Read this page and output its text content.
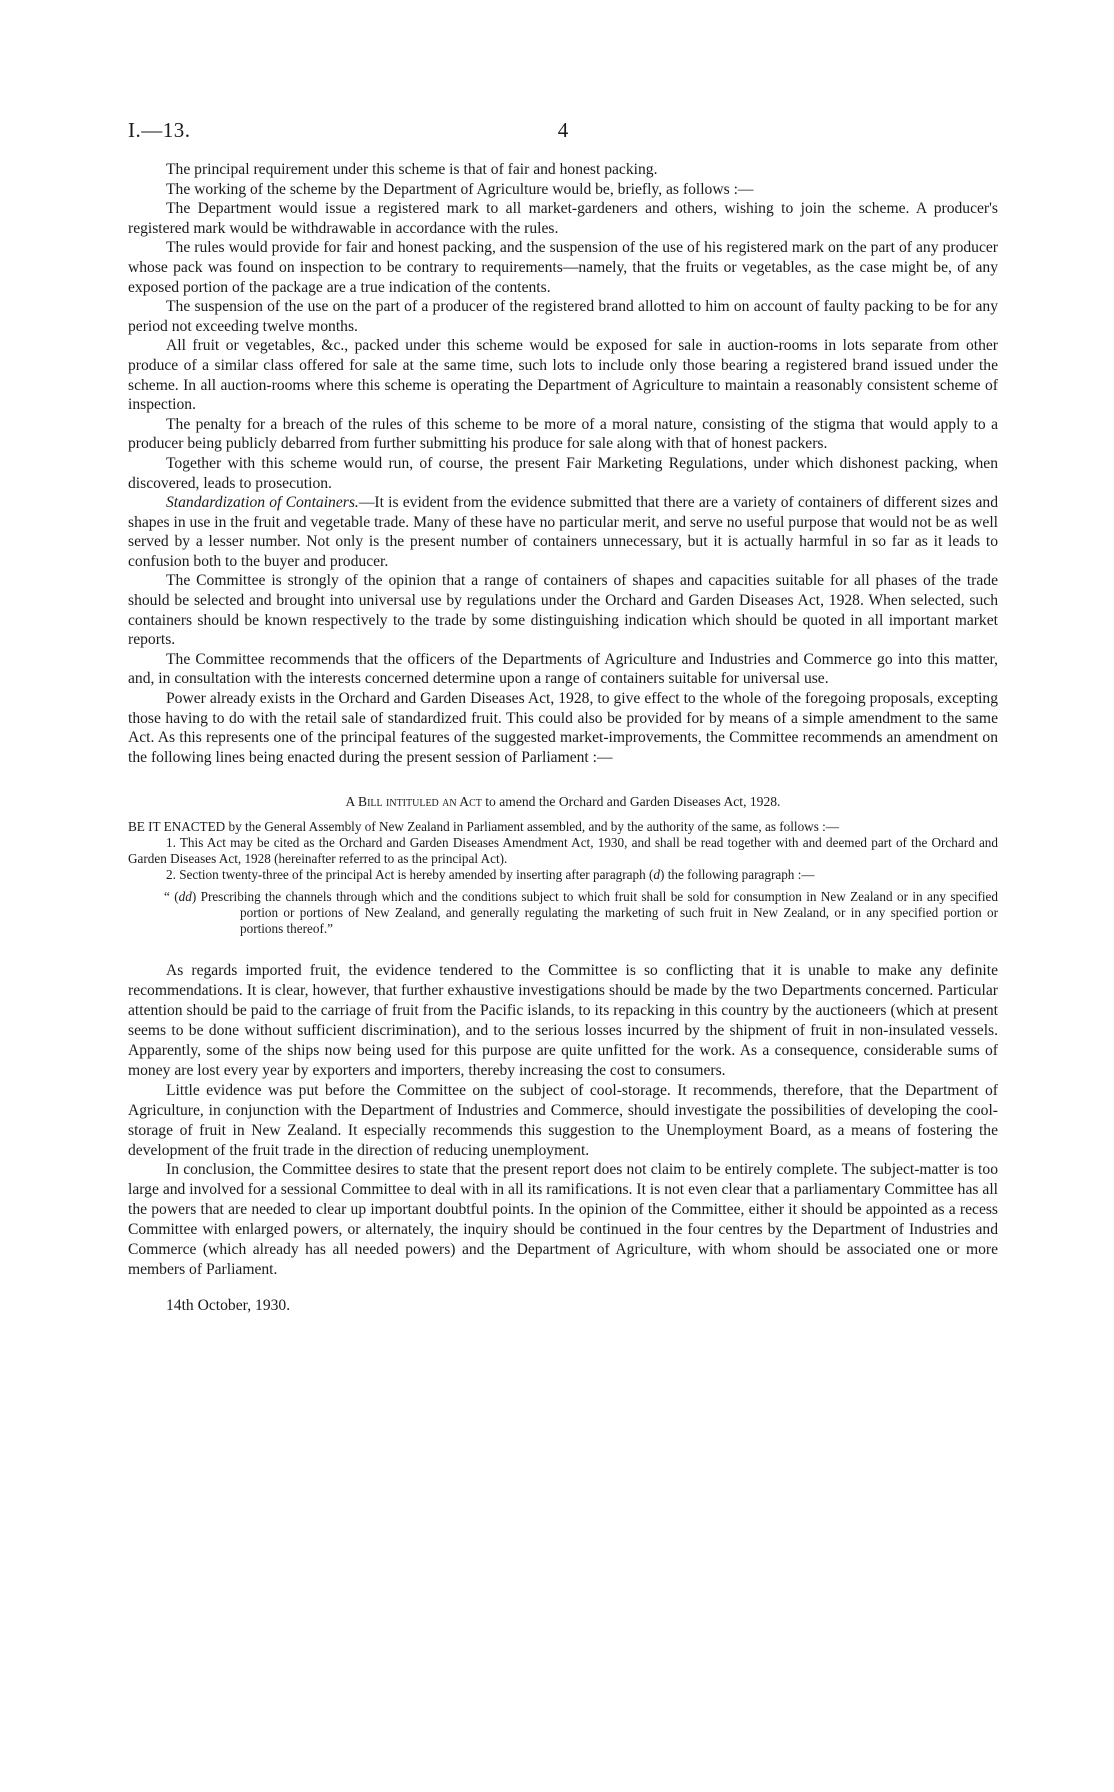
I.—13.	4

The principal requirement under this scheme is that of fair and honest packing.

The working of the scheme by the Department of Agriculture would be, briefly, as follows :—

The Department would issue a registered mark to all market-gardeners and others, wishing to join the scheme. A producer's registered mark would be withdrawable in accordance with the rules.

The rules would provide for fair and honest packing, and the suspension of the use of his registered mark on the part of any producer whose pack was found on inspection to be contrary to requirements—namely, that the fruits or vegetables, as the case might be, of any exposed portion of the package are a true indication of the contents.

The suspension of the use on the part of a producer of the registered brand allotted to him on account of faulty packing to be for any period not exceeding twelve months.

All fruit or vegetables, &c., packed under this scheme would be exposed for sale in auction-rooms in lots separate from other produce of a similar class offered for sale at the same time, such lots to include only those bearing a registered brand issued under the scheme. In all auction-rooms where this scheme is operating the Department of Agriculture to maintain a reasonably consistent scheme of inspection.

The penalty for a breach of the rules of this scheme to be more of a moral nature, consisting of the stigma that would apply to a producer being publicly debarred from further submitting his produce for sale along with that of honest packers.

Together with this scheme would run, of course, the present Fair Marketing Regulations, under which dishonest packing, when discovered, leads to prosecution.

Standardization of Containers.—It is evident from the evidence submitted that there are a variety of containers of different sizes and shapes in use in the fruit and vegetable trade. Many of these have no particular merit, and serve no useful purpose that would not be as well served by a lesser number. Not only is the present number of containers unnecessary, but it is actually harmful in so far as it leads to confusion both to the buyer and producer.

The Committee is strongly of the opinion that a range of containers of shapes and capacities suitable for all phases of the trade should be selected and brought into universal use by regulations under the Orchard and Garden Diseases Act, 1928. When selected, such containers should be known respectively to the trade by some distinguishing indication which should be quoted in all important market reports.

The Committee recommends that the officers of the Departments of Agriculture and Industries and Commerce go into this matter, and, in consultation with the interests concerned determine upon a range of containers suitable for universal use.

Power already exists in the Orchard and Garden Diseases Act, 1928, to give effect to the whole of the foregoing proposals, excepting those having to do with the retail sale of standardized fruit. This could also be provided for by means of a simple amendment to the same Act. As this represents one of the principal features of the suggested market-improvements, the Committee recommends an amendment on the following lines being enacted during the present session of Parliament :—

A Bill intituled an Act to amend the Orchard and Garden Diseases Act, 1928.

BE IT ENACTED by the General Assembly of New Zealand in Parliament assembled, and by the authority of the same, as follows :—

1. This Act may be cited as the Orchard and Garden Diseases Amendment Act, 1930, and shall be read together with and deemed part of the Orchard and Garden Diseases Act, 1928 (hereinafter referred to as the principal Act).

2. Section twenty-three of the principal Act is hereby amended by inserting after paragraph (d) the following paragraph :—

“ (dd) Prescribing the channels through which and the conditions subject to which fruit shall be sold for consumption in New Zealand or in any specified portion or portions of New Zealand, and generally regulating the marketing of such fruit in New Zealand, or in any specified portion or portions thereof.”

As regards imported fruit, the evidence tendered to the Committee is so conflicting that it is unable to make any definite recommendations. It is clear, however, that further exhaustive investigations should be made by the two Departments concerned. Particular attention should be paid to the carriage of fruit from the Pacific islands, to its repacking in this country by the auctioneers (which at present seems to be done without sufficient discrimination), and to the serious losses incurred by the shipment of fruit in non-insulated vessels. Apparently, some of the ships now being used for this purpose are quite unfitted for the work. As a consequence, considerable sums of money are lost every year by exporters and importers, thereby increasing the cost to consumers.

Little evidence was put before the Committee on the subject of cool-storage. It recommends, therefore, that the Department of Agriculture, in conjunction with the Department of Industries and Commerce, should investigate the possibilities of developing the cool-storage of fruit in New Zealand. It especially recommends this suggestion to the Unemployment Board, as a means of fostering the development of the fruit trade in the direction of reducing unemployment.

In conclusion, the Committee desires to state that the present report does not claim to be entirely complete. The subject-matter is too large and involved for a sessional Committee to deal with in all its ramifications. It is not even clear that a parliamentary Committee has all the powers that are needed to clear up important doubtful points. In the opinion of the Committee, either it should be appointed as a recess Committee with enlarged powers, or alternately, the inquiry should be continued in the four centres by the Department of Industries and Commerce (which already has all needed powers) and the Department of Agriculture, with whom should be associated one or more members of Parliament.

14th October, 1930.
